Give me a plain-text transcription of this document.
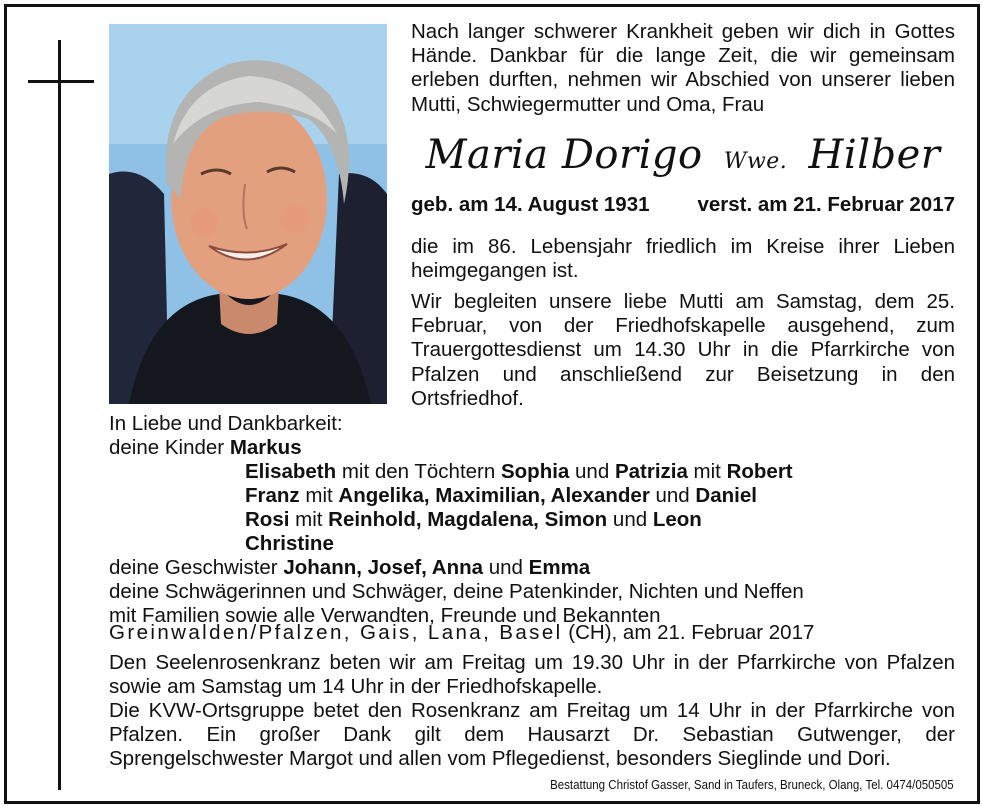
Nach langer schwerer Krankheit geben wir dich in Gottes Hände. Dankbar für die lange Zeit, die wir gemeinsam erleben durften, nehmen wir Abschied von unserer lieben Mutti, Schwiegermutter und Oma, Frau

Maria Dorigo Wwe. Hilber
geb. am 14. August 1931 verst. am 21. Februar 2017

die im 86. Lebensjahr friedlich im Kreise ihrer Lieben heimgegangen ist.

Wir begleiten unsere liebe Mutti am Samstag, dem 25. Februar, von der Friedhofskapelle ausgehend, zum Trauergottesdienst um 14.30 Uhr in die Pfarrkirche von Pfalzen und anschließend zur Beisetzung in den Ortsfriedhof.

In Liebe und Dankbarkeit:
deine Kinder Markus
Elisabeth mit den Töchtern Sophia und Patrizia mit Robert
Franz mit Angelika, Maximilian, Alexander und Daniel
Rosi mit Reinhold, Magdalena, Simon und Leon
Christine
deine Geschwister Johann, Josef, Anna und Emma
deine Schwägerinnen und Schwäger, deine Patenkinder, Nichten und Neffen
mit Familien sowie alle Verwandten, Freunde und Bekannten
Greinwalden/Pfalzen, Gais, Lana, Basel (CH), am 21. Februar 2017

Den Seelenrosenkranz beten wir am Freitag um 19.30 Uhr in der Pfarrkirche von Pfalzen sowie am Samstag um 14 Uhr in der Friedhofskapelle.

Die KVW-Ortsgruppe betet den Rosenkranz am Freitag um 14 Uhr in der Pfarrkirche von Pfalzen. Ein großer Dank gilt dem Hausarzt Dr. Sebastian Gutwenger, der Sprengelschwester Margot und allen vom Pflegedienst, besonders Sieglinde und Dori.

Bestattung Christof Gasser, Sand in Taufers, Bruneck, Olang, Tel. 0474/050505
